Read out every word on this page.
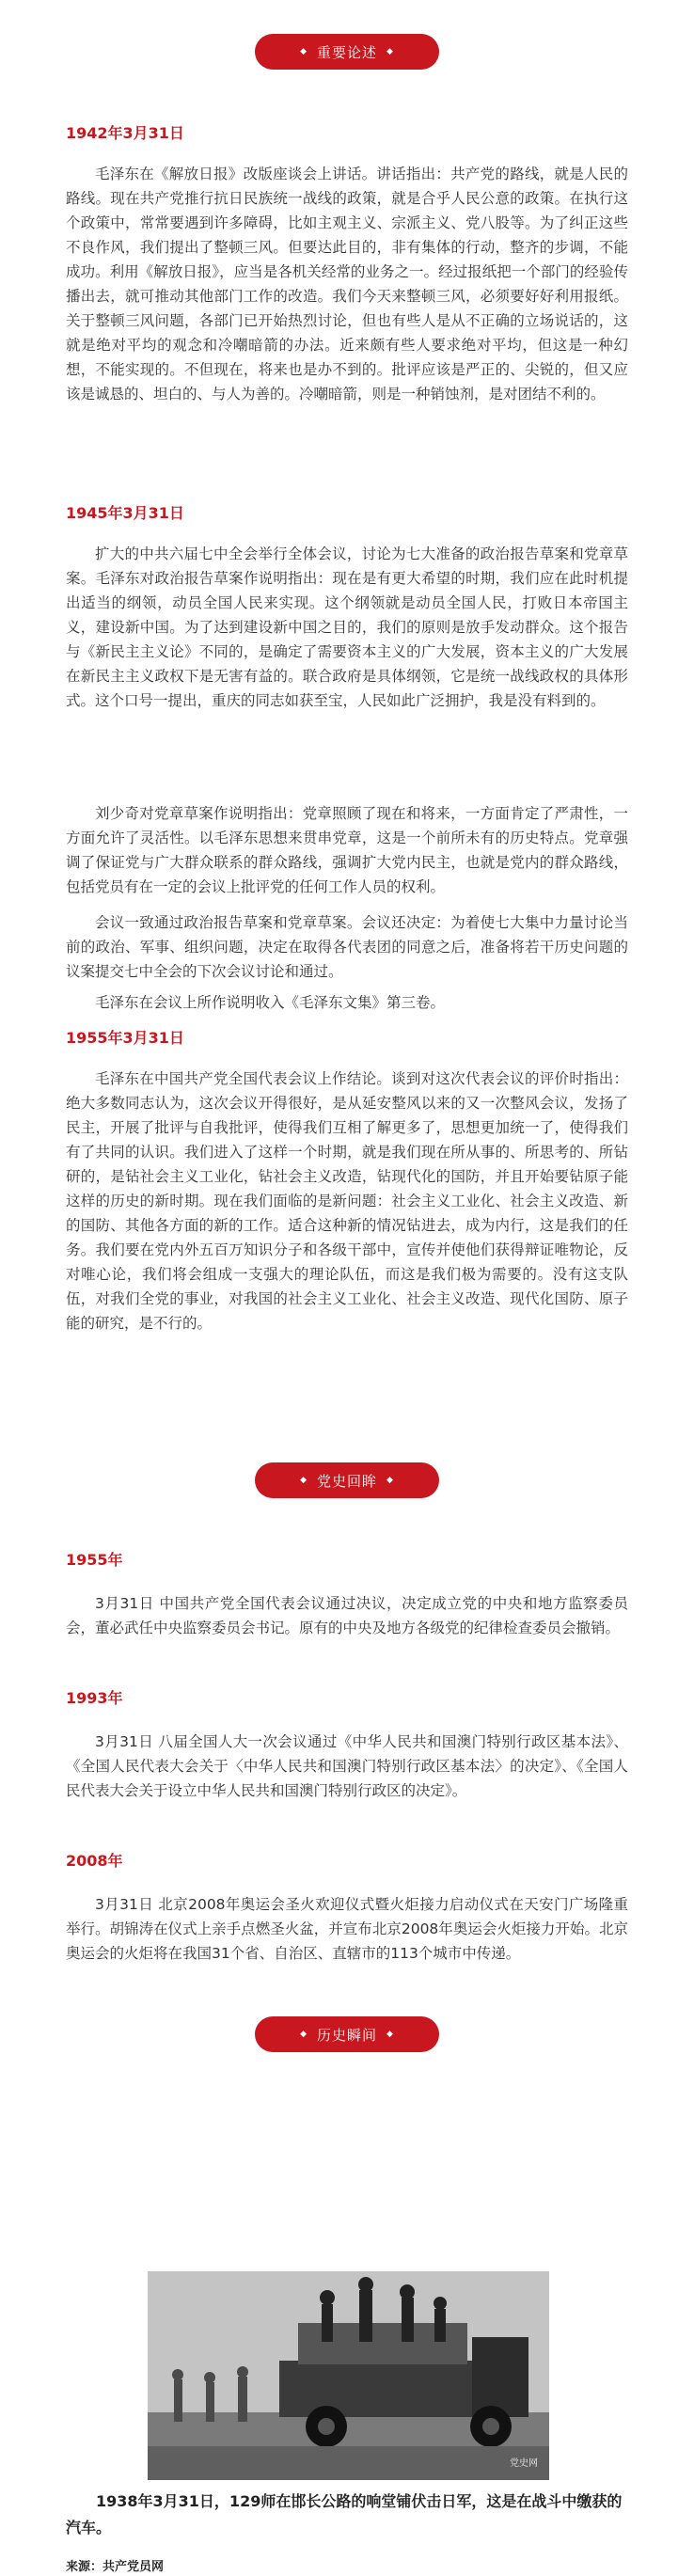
◆ 重要论述 ◆
1942年3月31日

毛泽东在《解放日报》改版座谈会上讲话。讲话指出：共产党的路线，就是人民的路线。现在共产党推行抗日民族统一战线的政策，就是合乎人民公意的政策。在执行这个政策中，常常要遇到许多障碍，比如主观主义、宗派主义、党八股等。为了纠正这些不良作风，我们提出了整顿三风。但要达此目的，非有集体的行动，整齐的步调，不能成功。利用《解放日报》，应当是各机关经常的业务之一。经过报纸把一个部门的经验传播出去，就可推动其他部门工作的改造。我们今天来整顿三风，必须要好好利用报纸。关于整顿三风问题，各部门已开始热烈讨论，但也有些人是从不正确的立场说话的，这就是绝对平均的观念和冷嘲暗箭的办法。近来颇有些人要求绝对平均，但这是一种幻想，不能实现的。不但现在，将来也是办不到的。批评应该是严正的、尖锐的，但又应该是诚恳的、坦白的、与人为善的。冷嘲暗箭，则是一种销蚀剂，是对团结不利的。

1945年3月31日

扩大的中共六届七中全会举行全体会议，讨论为七大准备的政治报告草案和党章草案。毛泽东对政治报告草案作说明指出：现在是有更大希望的时期，我们应在此时机提出适当的纲领，动员全国人民来实现。这个纲领就是动员全国人民，打败日本帝国主义，建设新中国。为了达到建设新中国之目的，我们的原则是放手发动群众。这个报告与《新民主主义论》不同的，是确定了需要资本主义的广大发展，资本主义的广大发展在新民主主义政权下是无害有益的。联合政府是具体纲领，它是统一战线政权的具体形式。这个口号一提出，重庆的同志如获至宝，人民如此广泛拥护，我是没有料到的。

刘少奇对党章草案作说明指出：党章照顾了现在和将来，一方面肯定了严肃性，一方面允许了灵活性。以毛泽东思想来贯串党章，这是一个前所未有的历史特点。党章强调了保证党与广大群众联系的群众路线，强调扩大党内民主，也就是党内的群众路线，包括党员有在一定的会议上批评党的任何工作人员的权利。

会议一致通过政治报告草案和党章草案。会议还决定：为着使七大集中力量讨论当前的政治、军事、组织问题，决定在取得各代表团的同意之后，准备将若干历史问题的议案提交七中全会的下次会议讨论和通过。

毛泽东在会议上所作说明收入《毛泽东文集》第三卷。

1955年3月31日

毛泽东在中国共产党全国代表会议上作结论。谈到对这次代表会议的评价时指出：绝大多数同志认为，这次会议开得很好，是从延安整风以来的又一次整风会议，发扬了民主，开展了批评与自我批评，使得我们互相了解更多了，思想更加统一了，使得我们有了共同的认识。我们进入了这样一个时期，就是我们现在所从事的、所思考的、所钻研的，是钻社会主义工业化，钻社会主义改造，钻现代化的国防，并且开始要钻原子能这样的历史的新时期。现在我们面临的是新问题：社会主义工业化、社会主义改造、新的国防、其他各方面的新的工作。适合这种新的情况钻进去，成为内行，这是我们的任务。我们要在党内外五百万知识分子和各级干部中，宣传并使他们获得辩证唯物论，反对唯心论，我们将会组成一支强大的理论队伍，而这是我们极为需要的。没有这支队伍，对我们全党的事业，对我国的社会主义工业化、社会主义改造、现代化国防、原子能的研究，是不行的。

◆ 党史回眸 ◆
1955年

3月31日 中国共产党全国代表会议通过决议，决定成立党的中央和地方监察委员会，董必武任中央监察委员会书记。原有的中央及地方各级党的纪律检查委员会撤销。

1993年

3月31日 八届全国人大一次会议通过《中华人民共和国澳门特别行政区基本法》、《全国人民代表大会关于〈中华人民共和国澳门特别行政区基本法〉的决定》、《全国人民代表大会关于设立中华人民共和国澳门特别行政区的决定》。

2008年

3月31日 北京2008年奥运会圣火欢迎仪式暨火炬接力启动仪式在天安门广场隆重举行。胡锦涛在仪式上亲手点燃圣火盆，并宣布北京2008年奥运会火炬接力开始。北京奥运会的火炬将在我国31个省、自治区、直辖市的113个城市中传递。

◆ 历史瞬间 ◆
党史网

1938年3月31日，129师在邯长公路的响堂铺伏击日军，这是在战斗中缴获的汽车。

来源：共产党员网
